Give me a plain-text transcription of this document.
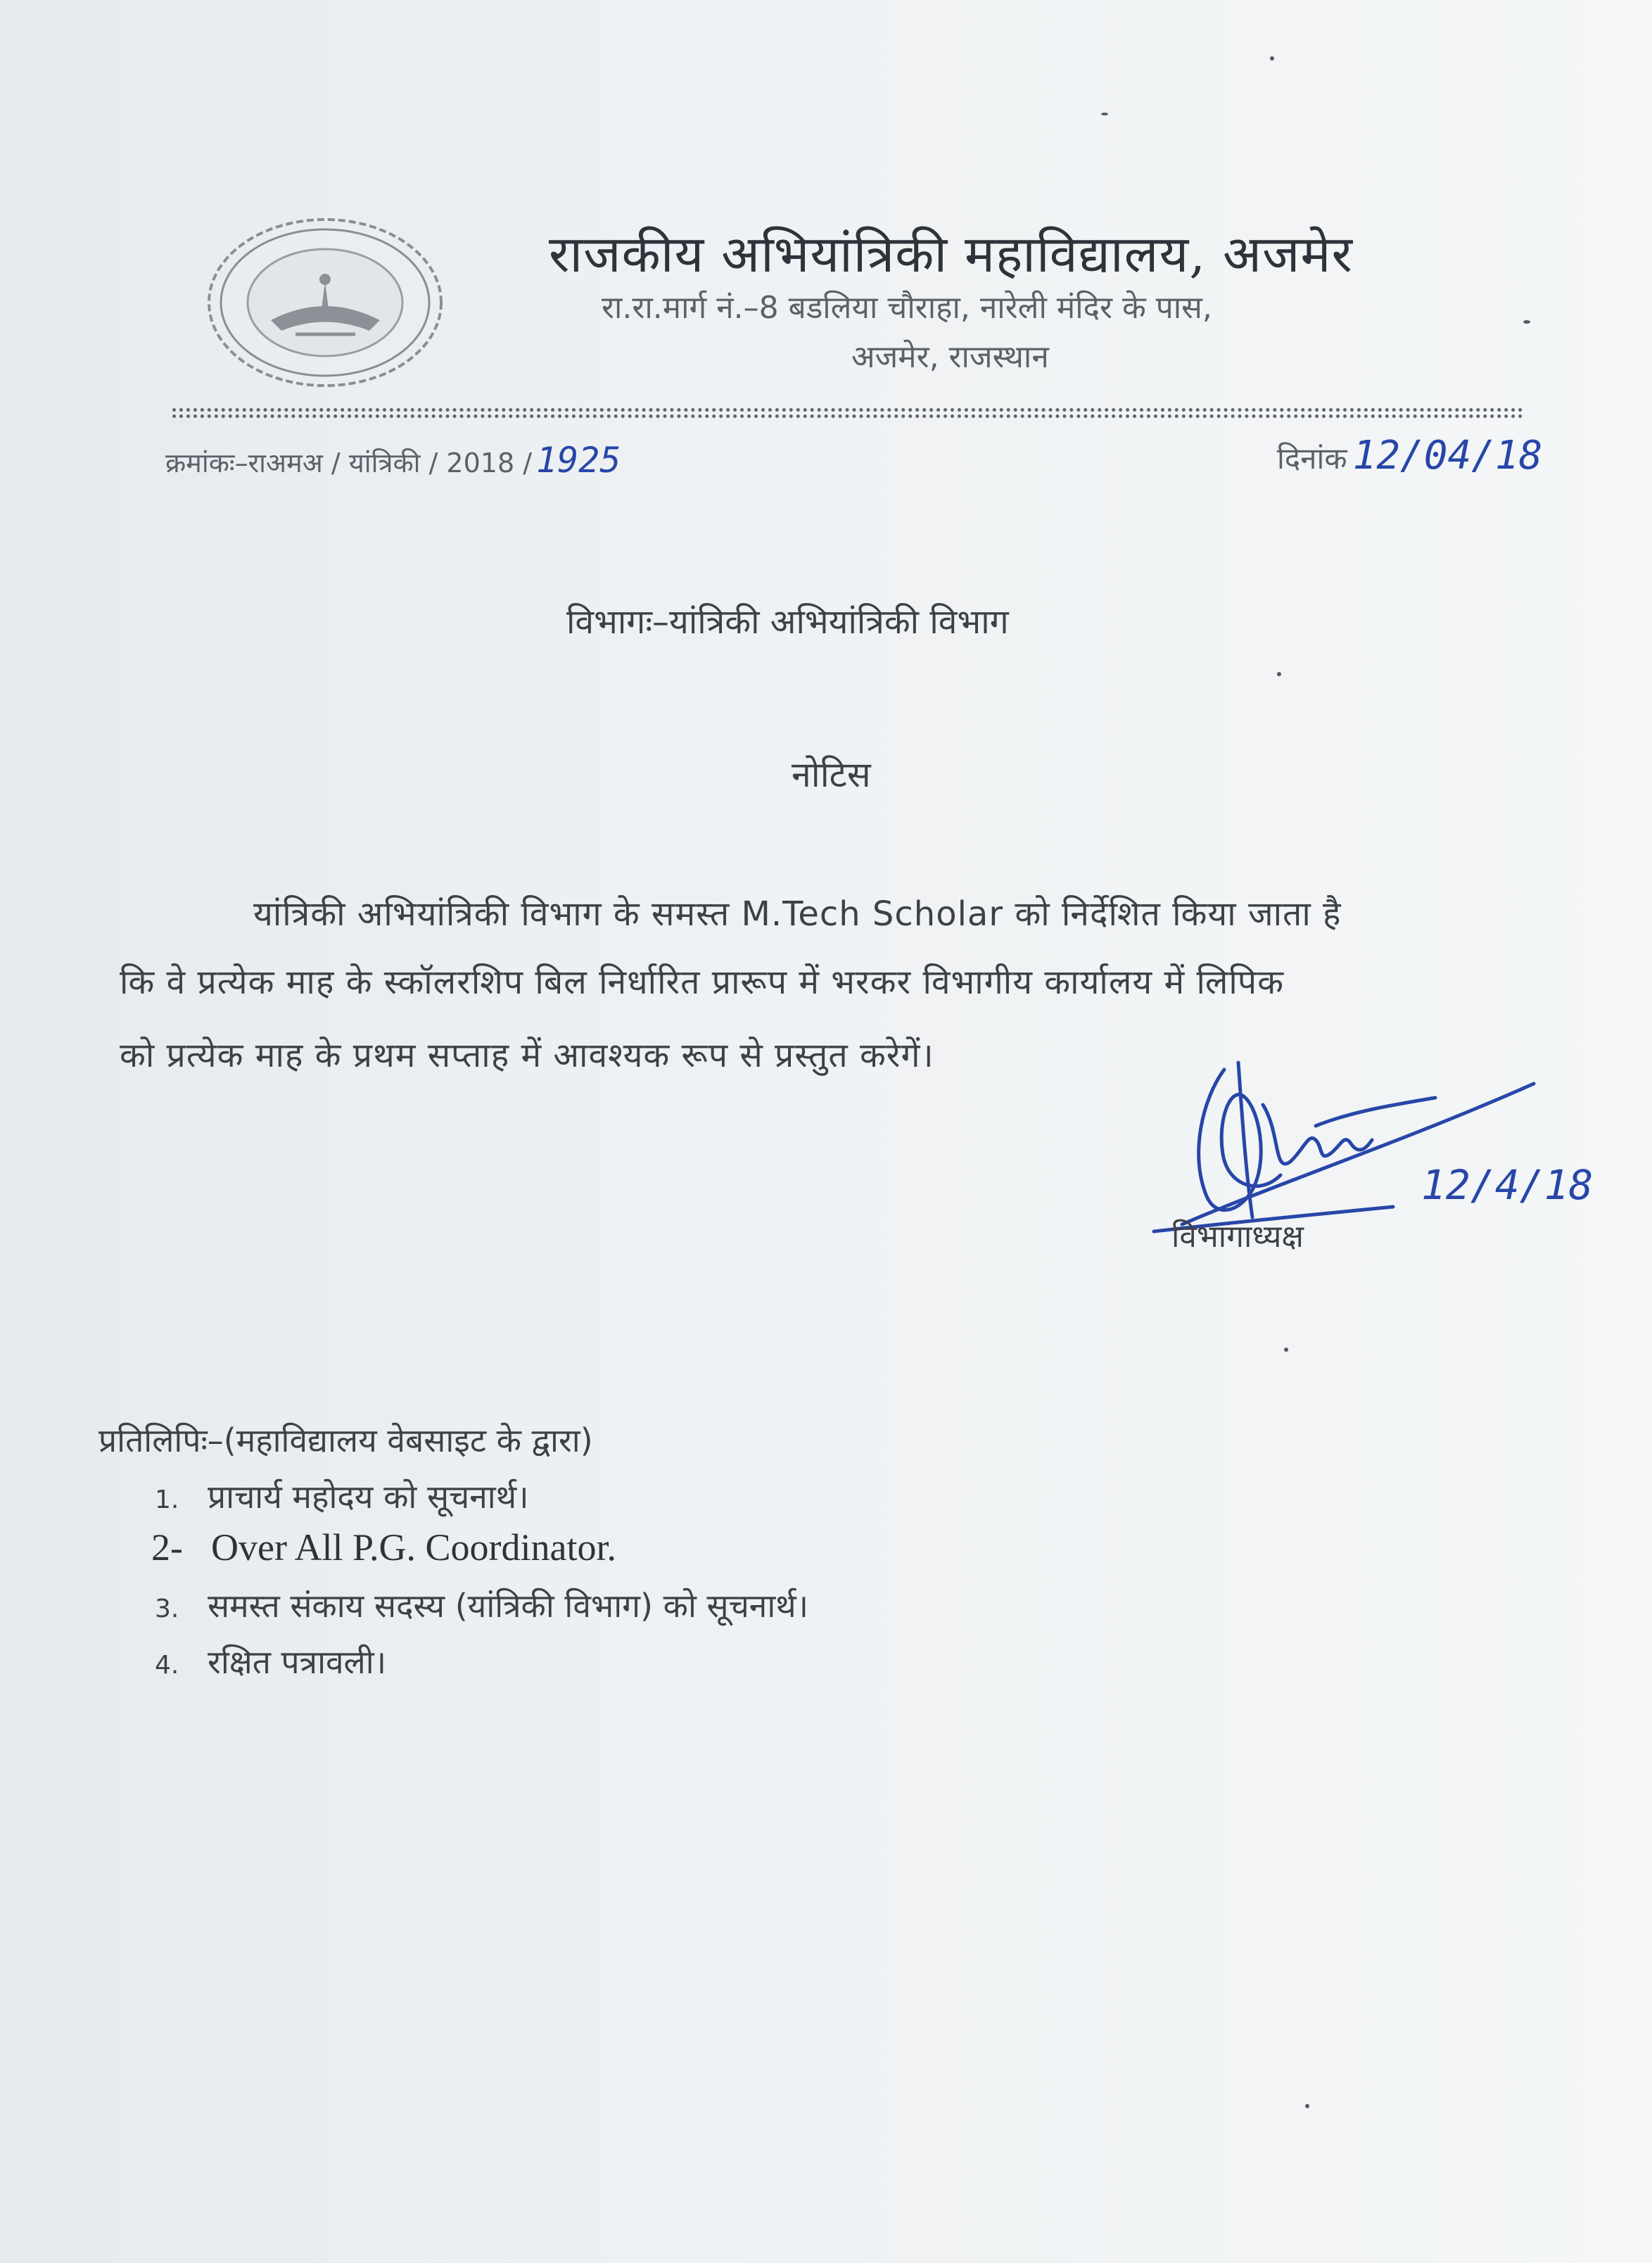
राजकीय अभियांत्रिकी महाविद्यालय, अजमेर
रा.रा.मार्ग नं.–8 बडलिया चौराहा, नारेली मंदिर के पास,
अजमेर, राजस्थान
क्रमांकः–राअमअ / यांत्रिकी / 2018 / 1925	दिनांक 12/04/18
विभागः–यांत्रिकी अभियांत्रिकी विभाग
नोटिस
यांत्रिकी अभियांत्रिकी विभाग के समस्त M.Tech Scholar को निर्देशित किया जाता है
कि वे प्रत्येक माह के स्कॉलरशिप बिल निर्धारित प्रारूप में भरकर विभागीय कार्यालय में लिपिक
को प्रत्येक माह के प्रथम सप्ताह में आवश्यक रूप से प्रस्तुत करेगें।
12/4/18
विभागाध्यक्ष
प्रतिलिपिः–(महाविद्यालय वेबसाइट के द्वारा)
1. प्राचार्य महोदय को सूचनार्थ।
2- Over All P.G. Coordinator.
3. समस्त संकाय सदस्य (यांत्रिकी विभाग) को सूचनार्थ।
4. रक्षित पत्रावली।
